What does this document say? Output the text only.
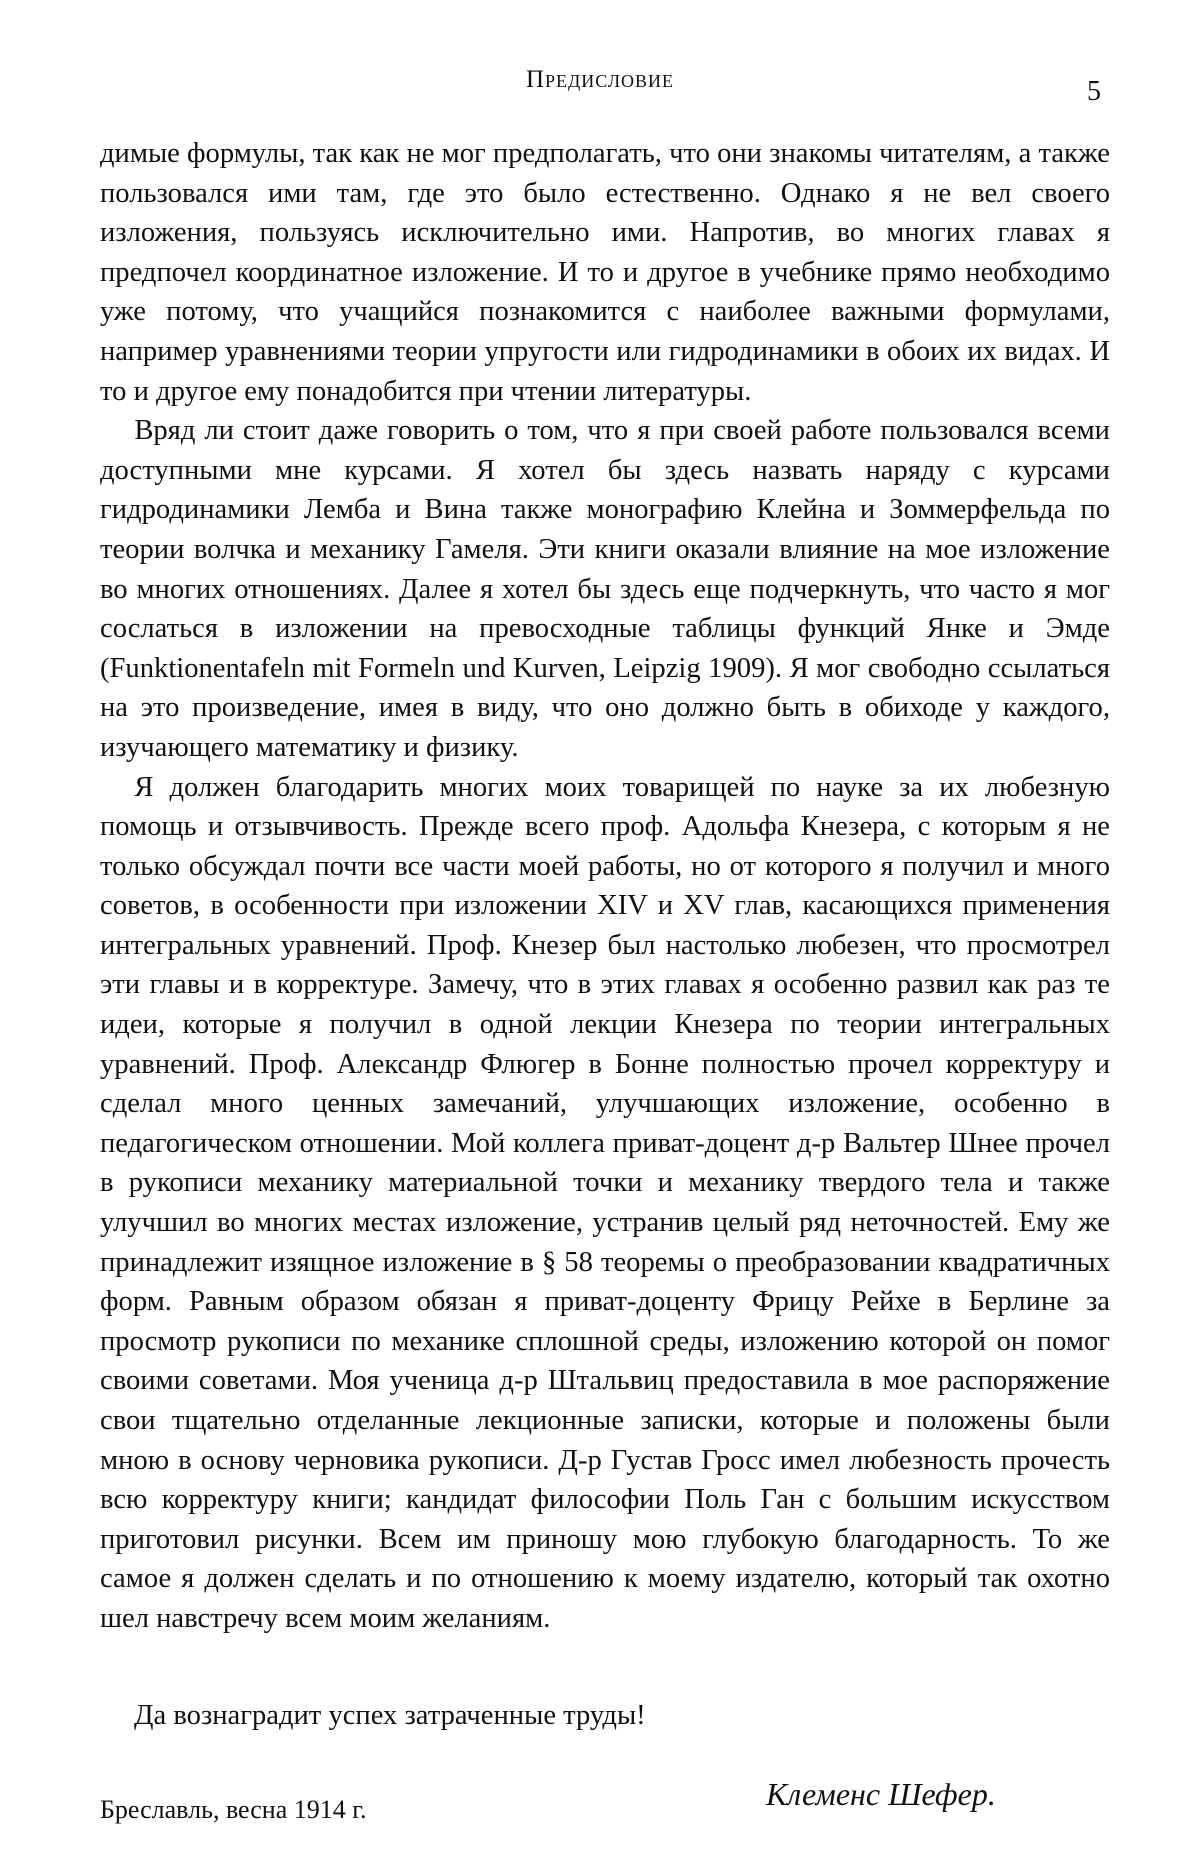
Предисловие	5

димые формулы, так как не мог предполагать, что они знакомы читателям, а также пользовался ими там, где это было естественно. Однако я не вел своего изложения, пользуясь исключительно ими. Напротив, во многих главах я предпочел координатное изложение. И то и другое в учебнике прямо необходимо уже потому, что учащийся познакомится с наиболее важными формулами, например уравнениями теории упругости или гидродинамики в обоих их видах. И то и другое ему понадобится при чтении литературы.

Вряд ли стоит даже говорить о том, что я при своей работе пользовался всеми доступными мне курсами. Я хотел бы здесь назвать наряду с курсами гидродинамики Лемба и Вина также монографию Клейна и Зоммерфельда по теории волчка и механику Гамеля. Эти книги оказали влияние на мое изложение во многих отношениях. Далее я хотел бы здесь еще подчеркнуть, что часто я мог сослаться в изложении на превосходные таблицы функций Янке и Эмде (Funktionentafeln mit Formeln und Kurven, Leipzig 1909). Я мог свободно ссылаться на это произведение, имея в виду, что оно должно быть в обиходе у каждого, изучающего математику и физику.

Я должен благодарить многих моих товарищей по науке за их любезную помощь и отзывчивость. Прежде всего проф. Адольфа Кнезера, с которым я не только обсуждал почти все части моей работы, но от которого я получил и много советов, в особенности при изложении XIV и XV глав, касающихся применения интегральных уравнений. Проф. Кнезер был настолько любезен, что просмотрел эти главы и в корректуре. Замечу, что в этих главах я особенно развил как раз те идеи, которые я получил в одной лекции Кнезера по теории интегральных уравнений. Проф. Александр Флюгер в Бонне полностью прочел корректуру и сделал много ценных замечаний, улучшающих изложение, особенно в педагогическом отношении. Мой коллега приват-доцент д-р Вальтер Шнее прочел в рукописи механику материальной точки и механику твердого тела и также улучшил во многих местах изложение, устранив целый ряд неточностей. Ему же принадлежит изящное изложение в § 58 теоремы о преобразовании квадратичных форм. Равным образом обязан я приват-доценту Фрицу Рейхе в Берлине за просмотр рукописи по механике сплошной среды, изложению которой он помог своими советами. Моя ученица д-р Штальвиц предоставила в мое распоряжение свои тщательно отделанные лекционные записки, которые и положены были мною в основу черновика рукописи. Д-р Густав Гросс имел любезность прочесть всю корректуру книги; кандидат философии Поль Ган с большим искусством приготовил рисунки. Всем им приношу мою глубокую благодарность. То же самое я должен сделать и по отношению к моему издателю, который так охотно шел навстречу всем моим желаниям.

Да вознаградит успех затраченные труды!
Клеменс Шефер.
Бреславль, весна 1914 г.
